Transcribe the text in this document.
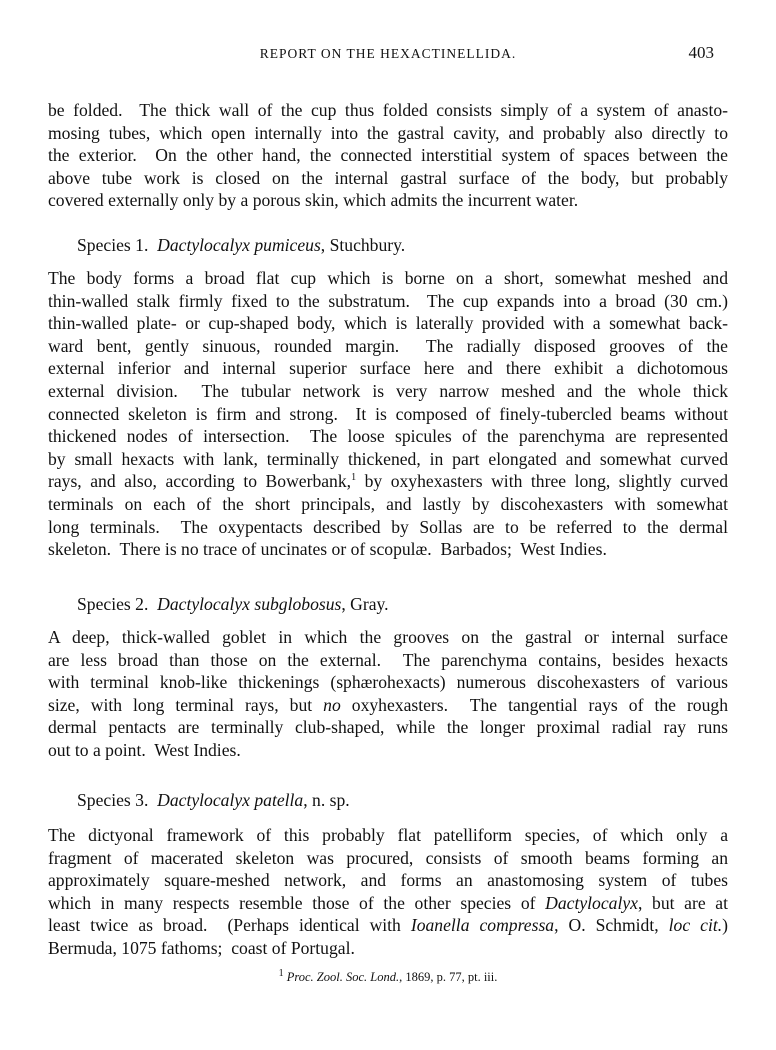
REPORT ON THE HEXACTINELLIDA.	403
be folded.  The thick wall of the cup thus folded consists simply of a system of anasto-
mosing tubes, which open internally into the gastral cavity, and probably also directly to
the exterior.  On the other hand, the connected interstitial system of spaces between the
above tube work is closed on the internal gastral surface of the body, but probably
covered externally only by a porous skin, which admits the incurrent water.
Species 1.  Dactylocalyx pumiceus, Stuchbury.
The body forms a broad flat cup which is borne on a short, somewhat meshed and
thin-walled stalk firmly fixed to the substratum.  The cup expands into a broad (30 cm.)
thin-walled plate- or cup-shaped body, which is laterally provided with a somewhat back-
ward bent, gently sinuous, rounded margin.  The radially disposed grooves of the
external inferior and internal superior surface here and there exhibit a dichotomous
external division.  The tubular network is very narrow meshed and the whole thick
connected skeleton is firm and strong.  It is composed of finely-tubercled beams without
thickened nodes of intersection.  The loose spicules of the parenchyma are represented
by small hexacts with lank, terminally thickened, in part elongated and somewhat curved
rays, and also, according to Bowerbank,$^1$ by oxyhexasters with three long, slightly curved
terminals on each of the short principals, and lastly by discohexasters with somewhat
long terminals.  The oxypentacts described by Sollas are to be referred to the dermal
skeleton.  There is no trace of uncinates or of scopulæ.  Barbados;  West Indies.
Species 2.  Dactylocalyx subglobosus, Gray.
A deep, thick-walled goblet in which the grooves on the gastral or internal surface
are less broad than those on the external.  The parenchyma contains, besides hexacts
with terminal knob-like thickenings (sphærohexacts) numerous discohexasters of various
size, with long terminal rays, but no oxyhexasters.  The tangential rays of the rough
dermal pentacts are terminally club-shaped, while the longer proximal radial ray runs
out to a point.  West Indies.
Species 3.  Dactylocalyx patella, n. sp.
The dictyonal framework of this probably flat patelliform species, of which only a
fragment of macerated skeleton was procured, consists of smooth beams forming an
approximately square-meshed network, and forms an anastomosing system of tubes
which in many respects resemble those of the other species of Dactylocalyx, but are at
least twice as broad.  (Perhaps identical with Ioanella compressa, O. Schmidt, loc cit.)
Bermuda, 1075 fathoms;  coast of Portugal.
$^1$ Proc. Zool. Soc. Lond., 1869, p. 77, pt. iii.
